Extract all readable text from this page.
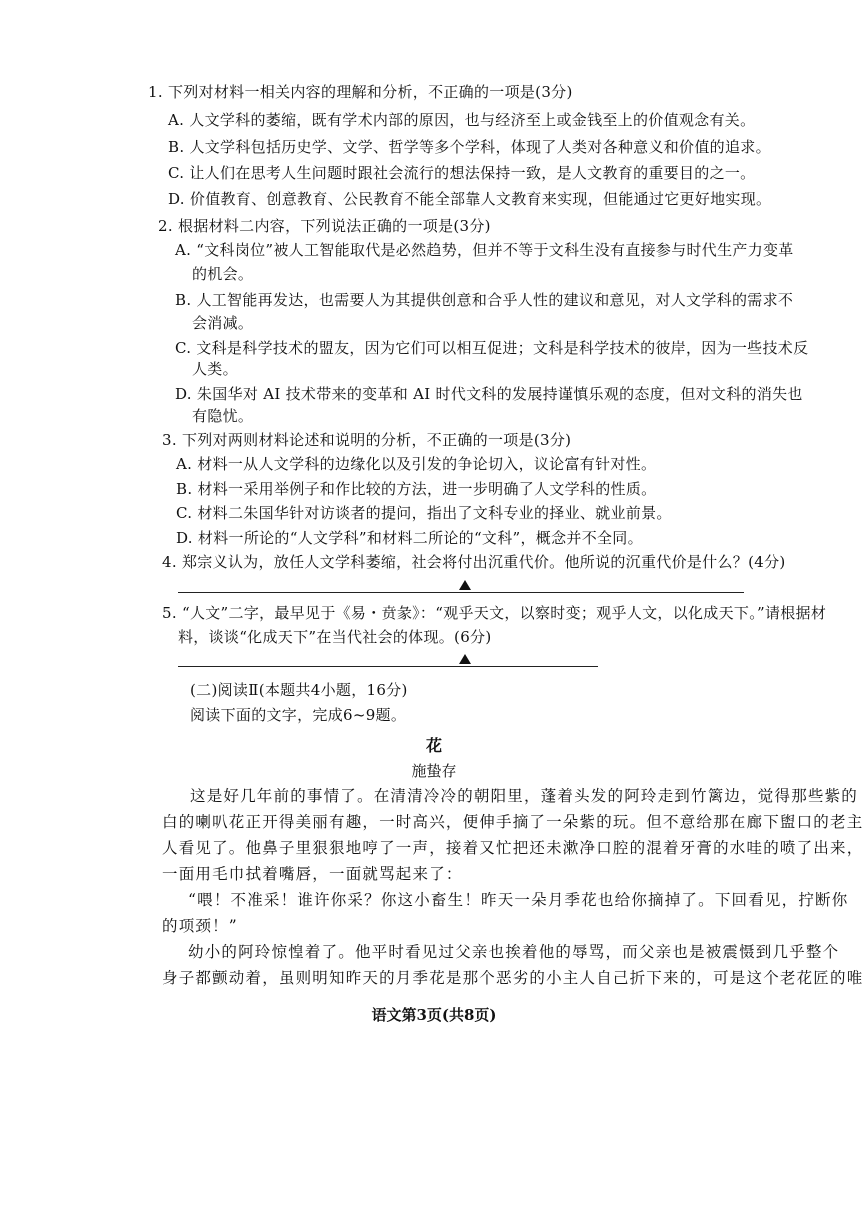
1. 下列对材料一相关内容的理解和分析，不正确的一项是(3分)
A. 人文学科的萎缩，既有学术内部的原因，也与经济至上或金钱至上的价值观念有关。
B. 人文学科包括历史学、文学、哲学等多个学科，体现了人类对各种意义和价值的追求。
C. 让人们在思考人生问题时跟社会流行的想法保持一致，是人文教育的重要目的之一。
D. 价值教育、创意教育、公民教育不能全部靠人文教育来实现，但能通过它更好地实现。
2. 根据材料二内容，下列说法正确的一项是(3分)
A. “文科岗位”被人工智能取代是必然趋势，但并不等于文科生没有直接参与时代生产力变革
的机会。
B. 人工智能再发达，也需要人为其提供创意和合乎人性的建议和意见，对人文学科的需求不
会消减。
C. 文科是科学技术的盟友，因为它们可以相互促进；文科是科学技术的彼岸，因为一些技术反
人类。
D. 朱国华对 AI 技术带来的变革和 AI 时代文科的发展持谨慎乐观的态度，但对文科的消失也
有隐忧。
3. 下列对两则材料论述和说明的分析，不正确的一项是(3分)
A. 材料一从人文学科的边缘化以及引发的争论切入，议论富有针对性。
B. 材料一采用举例子和作比较的方法，进一步明确了人文学科的性质。
C. 材料二朱国华针对访谈者的提问，指出了文科专业的择业、就业前景。
D. 材料一所论的“人文学科”和材料二所论的“文科”，概念并不全同。
4. 郑宗义认为，放任人文学科萎缩，社会将付出沉重代价。他所说的沉重代价是什么？(4分)
5. “人文”二字，最早见于《易・贲彖》：“观乎天文，以察时变；观乎人文，以化成天下。”请根据材
料，谈谈“化成天下”在当代社会的体现。(6分)
(二)阅读Ⅱ(本题共4小题，16分)
阅读下面的文字，完成6~9题。
花
施蛰存
这是好几年前的事情了。在清清冷冷的朝阳里，蓬着头发的阿玲走到竹篱边，觉得那些紫的
白的喇叭花正开得美丽有趣，一时高兴，便伸手摘了一朵紫的玩。但不意给那在廊下盥口的老主
人看见了。他鼻子里狠狠地哼了一声，接着又忙把还未漱净口腔的混着牙膏的水哇的喷了出来，
一面用毛巾拭着嘴唇，一面就骂起来了：
“喂！不准采！谁许你采？你这小畜生！昨天一朵月季花也给你摘掉了。下回看见，拧断你
的项颈！”
幼小的阿玲惊惶着了。他平时看见过父亲也挨着他的辱骂，而父亲也是被震慑到几乎整个
身子都颤动着，虽则明知昨天的月季花是那个恶劣的小主人自己折下来的，可是这个老花匠的唯
语文第3页(共8页)
